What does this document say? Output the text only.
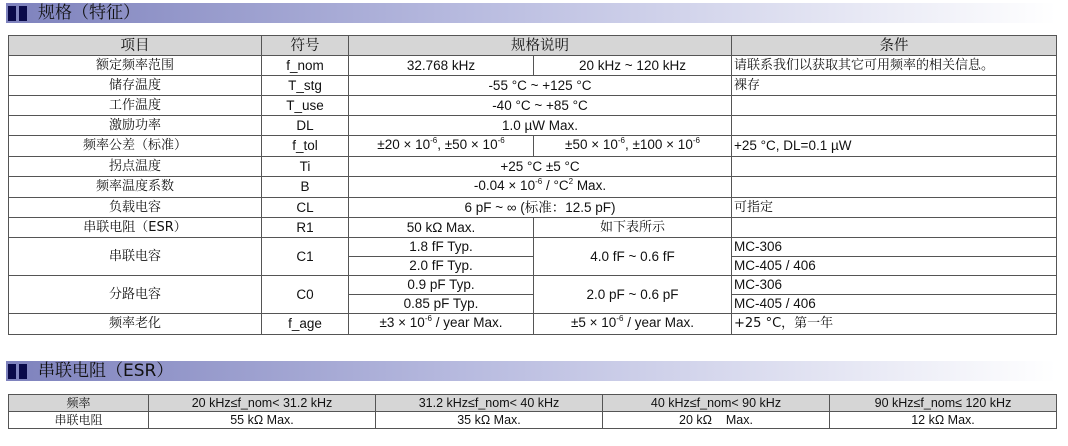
规格（特征）
项目	符号	规格说明		条件
额定频率范围	f_nom	32.768 kHz	20 kHz ~ 120 kHz	请联系我们以获取其它可用频率的相关信息。
储存温度	T_stg	-55 °C ~ +125 °C		裸存
工作温度	T_use	-40 °C ~ +85 °C		
激励功率	DL	1.0 µW Max.		
频率公差（标准）	f_tol	$\pm 20 \times 10^{-6}$, $\pm 50 \times 10^{-6}$	$\pm 50 \times 10^{-6}$, $\pm 100 \times 10^{-6}$	+25 °C, DL=0.1 µW
拐点温度	Ti	+25 °C ±5 °C		
频率温度系数	B	$-0.04 \times 10^{-6} / ^\circ C^2$ Max.		
负载电容	CL	6 pF ~ ∞ (标准：12.5 pF)		可指定
串联电阻（ESR）	R1	50 kΩ Max.	如下表所示	
串联电容	C1	1.8 fF Typ.	4.0 fF ~ 0.6 fF	MC-306
		2.0 fF Typ.		MC-405 / 406
分路电容	C0	0.9 pF Typ.	2.0 pF ~ 0.6 pF	MC-306
		0.85 pF Typ.		MC-405 / 406
频率老化	f_age	$\pm 3 \times 10^{-6}$ / year Max.	$\pm 5 \times 10^{-6}$ / year Max.	+25 °C，第一年
串联电阻（ESR）
频率	20 kHz≤f_nom< 31.2 kHz	31.2 kHz≤f_nom< 40 kHz	40 kHz≤f_nom< 90 kHz	90 kHz≤f_nom≤ 120 kHz
串联电阻	55 kΩ Max.	35 kΩ Max.	20 kΩ    Max.	12 kΩ Max.
